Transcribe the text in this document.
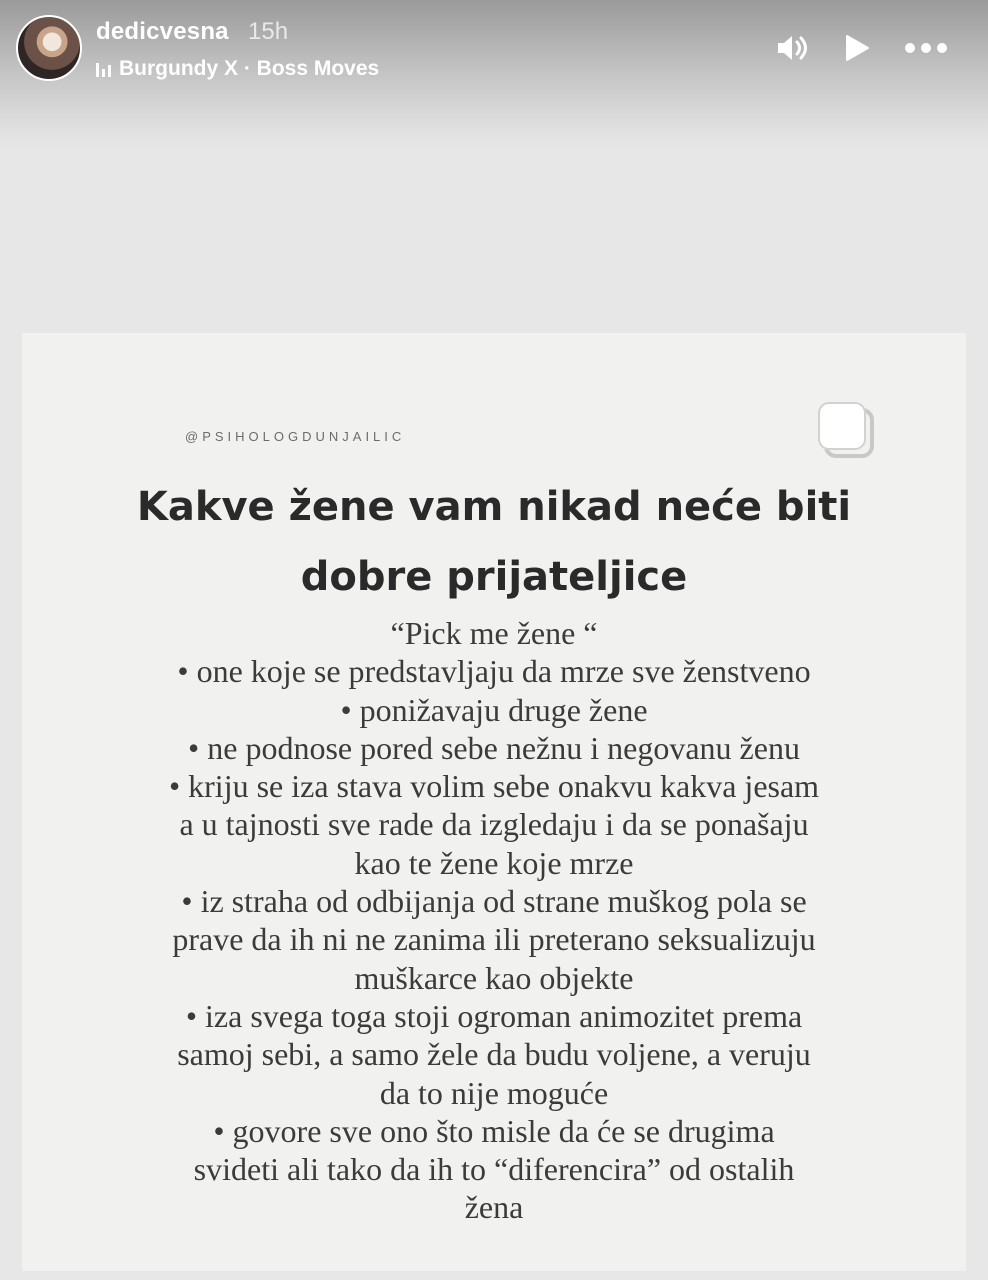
dedicvesna 15h
Burgundy X · Boss Moves
@PSIHOLOGDUNJAILIC
Kakve žene vam nikad neće biti
dobre prijateljice
“Pick me žene “
• one koje se predstavljaju da mrze sve ženstveno
• ponižavaju druge žene
• ne podnose pored sebe nežnu i negovanu ženu
• kriju se iza stava volim sebe onakvu kakva jesam
a u tajnosti sve rade da izgledaju i da se ponašaju
kao te žene koje mrze
• iz straha od odbijanja od strane muškog pola se
prave da ih ni ne zanima ili preterano seksualizuju
muškarce kao objekte
• iza svega toga stoji ogroman animozitet prema
samoj sebi, a samo žele da budu voljene, a veruju
da to nije moguće
• govore sve ono što misle da će se drugima
svideti ali tako da ih to “diferencira” od ostalih
žena
